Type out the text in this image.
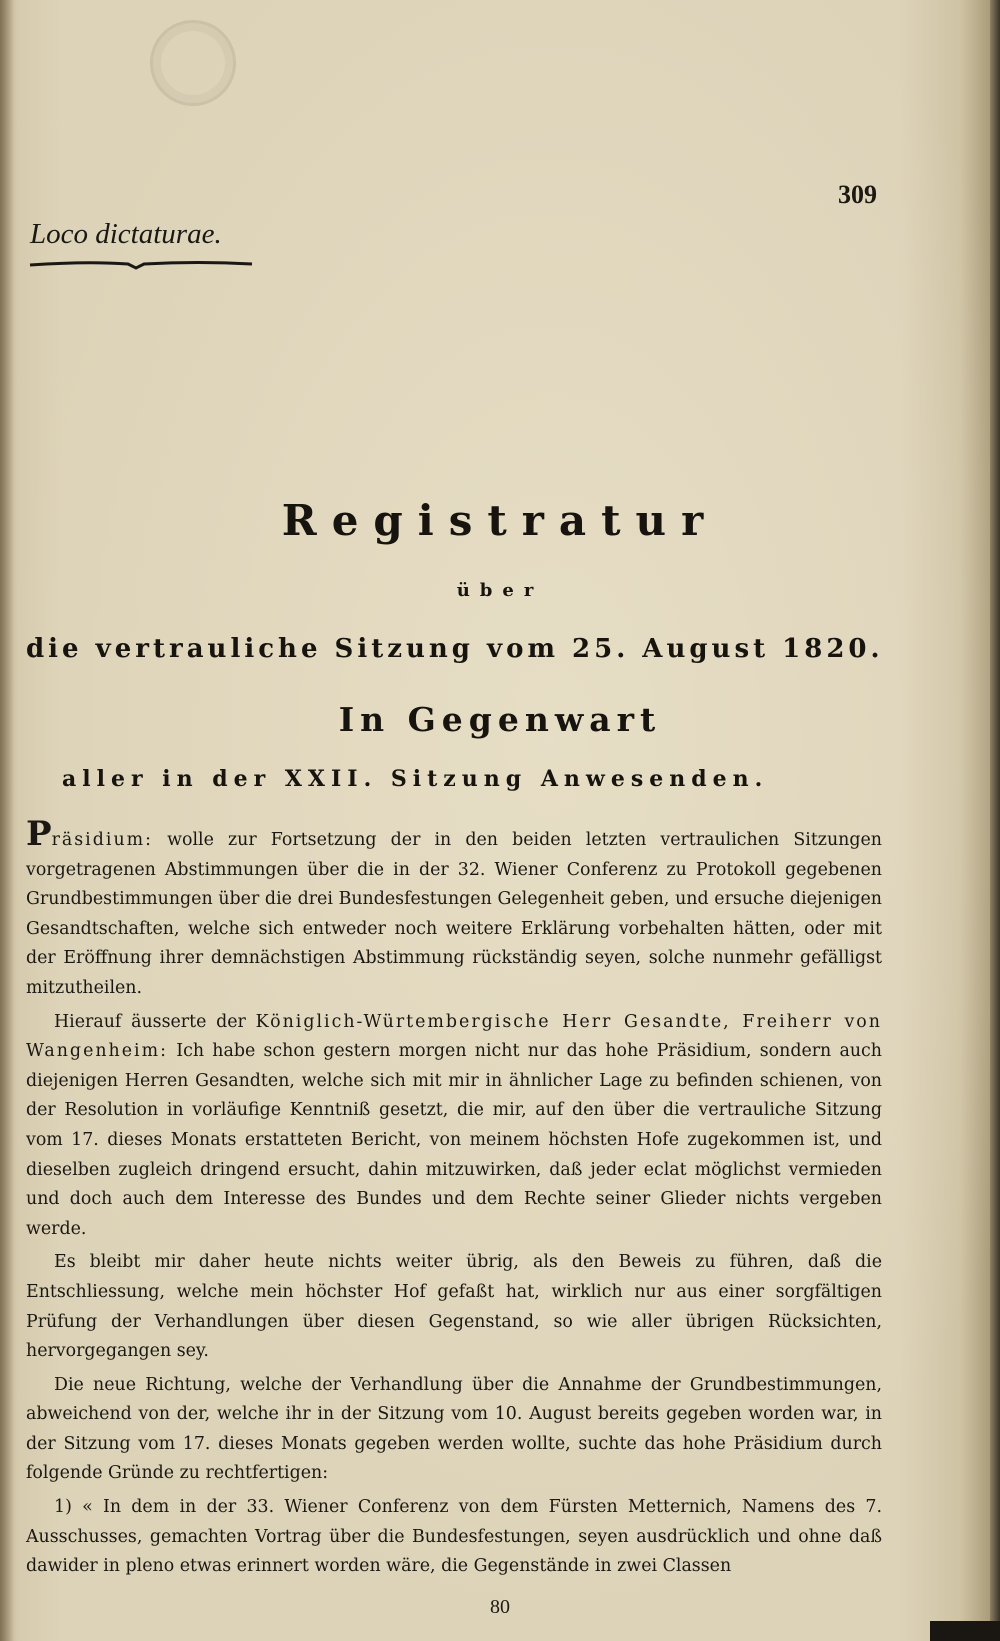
309
Loco dictaturae.
Registratur
über
die vertrauliche Sitzung vom 25. August 1820.
In Gegenwart
aller in der XXII. Sitzung Anwesenden.

Präsidium: wolle zur Fortsetzung der in den beiden letzten vertraulichen Sitzungen vorgetragenen Abstimmungen über die in der 32. Wiener Conferenz zu Protokoll gegebenen Grundbestimmungen über die drei Bundesfestungen Gelegenheit geben, und ersuche diejenigen Gesandtschaften, welche sich entweder noch weitere Erklärung vorbehalten hätten, oder mit der Eröffnung ihrer demnächstigen Abstimmung rückständig seyen, solche nunmehr gefälligst mitzutheilen.

Hierauf äusserte der Königlich-Würtembergische Herr Gesandte, Freiherr von Wangenheim: Ich habe schon gestern morgen nicht nur das hohe Präsidium, sondern auch diejenigen Herren Gesandten, welche sich mit mir in ähnlicher Lage zu befinden schienen, von der Resolution in vorläufige Kenntniß gesetzt, die mir, auf den über die vertrauliche Sitzung vom 17. dieses Monats erstatteten Bericht, von meinem höchsten Hofe zugekommen ist, und dieselben zugleich dringend ersucht, dahin mitzuwirken, daß jeder eclat möglichst vermieden und doch auch dem Interesse des Bundes und dem Rechte seiner Glieder nichts vergeben werde.

Es bleibt mir daher heute nichts weiter übrig, als den Beweis zu führen, daß die Entschliessung, welche mein höchster Hof gefaßt hat, wirklich nur aus einer sorgfältigen Prüfung der Verhandlungen über diesen Gegenstand, so wie aller übrigen Rücksichten, hervorgegangen sey.

Die neue Richtung, welche der Verhandlung über die Annahme der Grundbestimmungen, abweichend von der, welche ihr in der Sitzung vom 10. August bereits gegeben worden war, in der Sitzung vom 17. dieses Monats gegeben werden wollte, suchte das hohe Präsidium durch folgende Gründe zu rechtfertigen:

1) « In dem in der 33. Wiener Conferenz von dem Fürsten Metternich, Namens des 7. Ausschusses, gemachten Vortrag über die Bundesfestungen, seyen ausdrücklich und ohne daß dawider in pleno etwas erinnert worden wäre, die Gegenstände in zwei Classen

80
